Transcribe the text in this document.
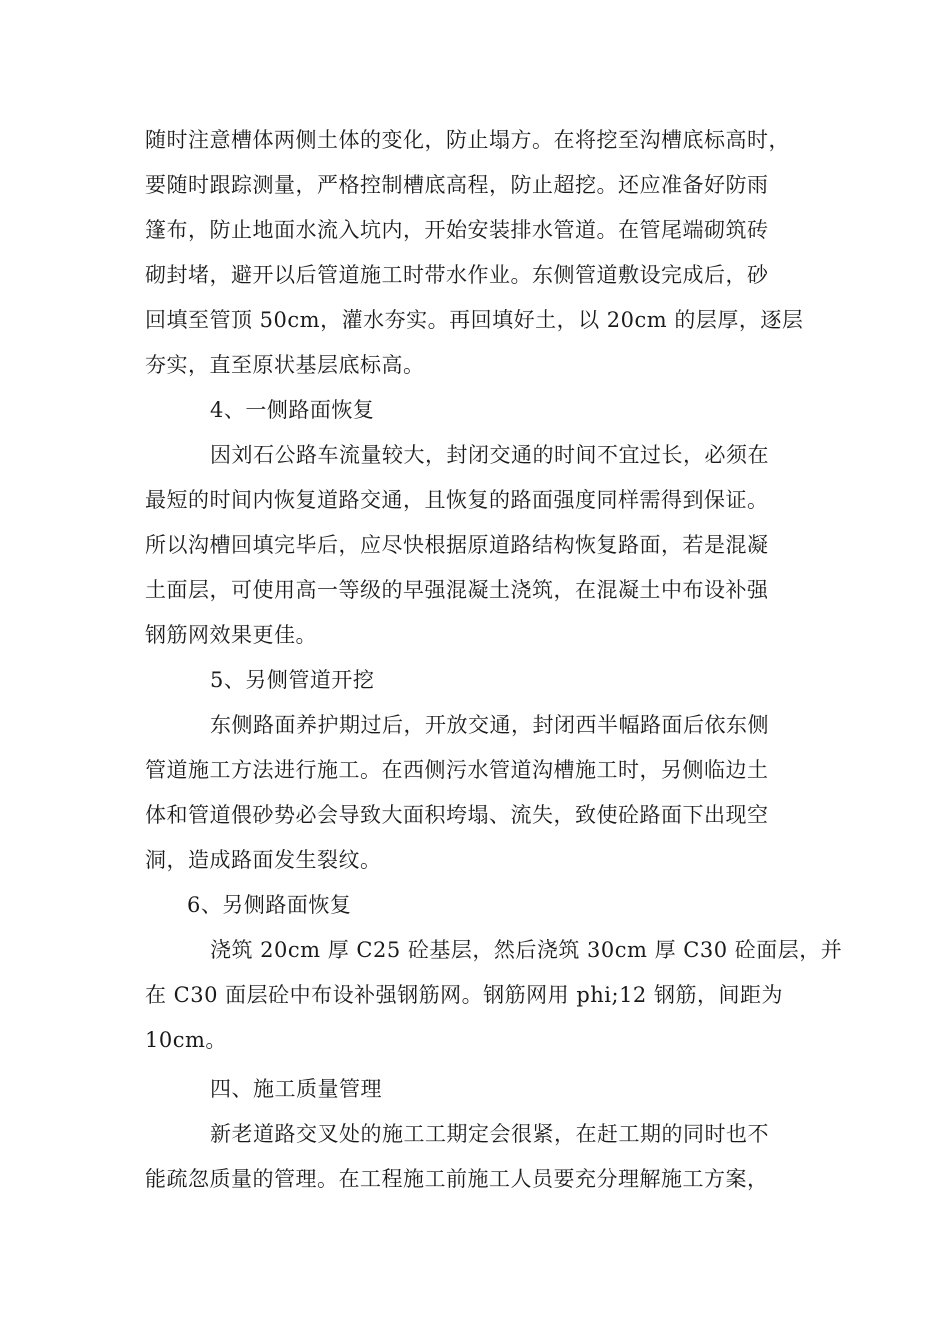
随时注意槽体两侧土体的变化，防止塌方。在将挖至沟槽底标高时，
要随时跟踪测量，严格控制槽底高程，防止超挖。还应准备好防雨
篷布，防止地面水流入坑内，开始安装排水管道。在管尾端砌筑砖
砌封堵，避开以后管道施工时带水作业。东侧管道敷设完成后，砂
回填至管顶 50cm，灌水夯实。再回填好土，以 20cm 的层厚，逐层
夯实，直至原状基层底标高。
4、一侧路面恢复
因刘石公路车流量较大，封闭交通的时间不宜过长，必须在
最短的时间内恢复道路交通，且恢复的路面强度同样需得到保证。
所以沟槽回填完毕后，应尽快根据原道路结构恢复路面，若是混凝
土面层，可使用高一等级的早强混凝土浇筑，在混凝土中布设补强
钢筋网效果更佳。
5、另侧管道开挖
东侧路面养护期过后，开放交通，封闭西半幅路面后依东侧
管道施工方法进行施工。在西侧污水管道沟槽施工时，另侧临边土
体和管道偎砂势必会导致大面积垮塌、流失，致使砼路面下出现空
洞，造成路面发生裂纹。
6、另侧路面恢复
浇筑 20cm 厚 C25 砼基层，然后浇筑 30cm 厚 C30 砼面层，并
在 C30 面层砼中布设补强钢筋网。钢筋网用 phi;12 钢筋，间距为
10cm。
四、施工质量管理
新老道路交叉处的施工工期定会很紧，在赶工期的同时也不
能疏忽质量的管理。在工程施工前施工人员要充分理解施工方案，
